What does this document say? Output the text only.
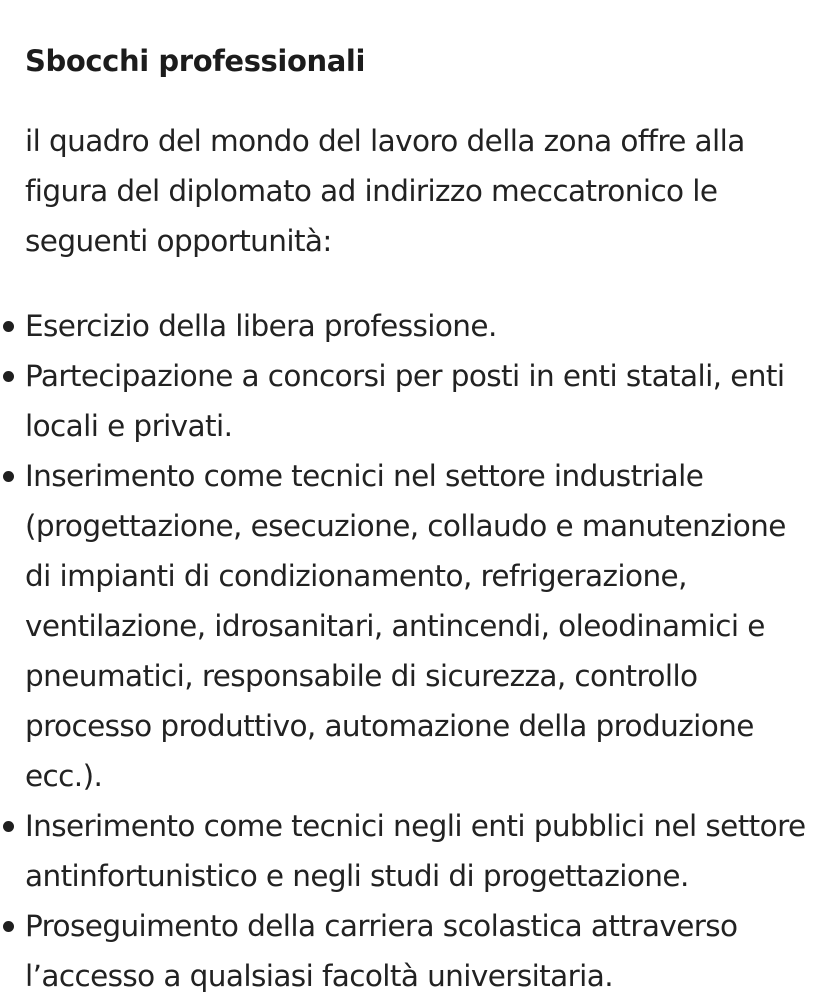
Sbocchi professionali

il quadro del mondo del lavoro della zona offre alla figura del diplomato ad indirizzo meccatronico le seguenti opportunità:

Esercizio della libera professione.
Partecipazione a concorsi per posti in enti statali, enti locali e privati.
Inserimento come tecnici nel settore industriale (progettazione, esecuzione, collaudo e manutenzione di impianti di condizionamento, refrigerazione, ventilazione, idrosanitari, antincendi, oleodinamici e pneumatici, responsabile di sicurezza, controllo processo produttivo, automazione della produzione ecc.).
Inserimento come tecnici negli enti pubblici nel settore antinfortunistico e negli studi di progettazione.
Proseguimento della carriera scolastica attraverso l’accesso a qualsiasi facoltà universitaria.
